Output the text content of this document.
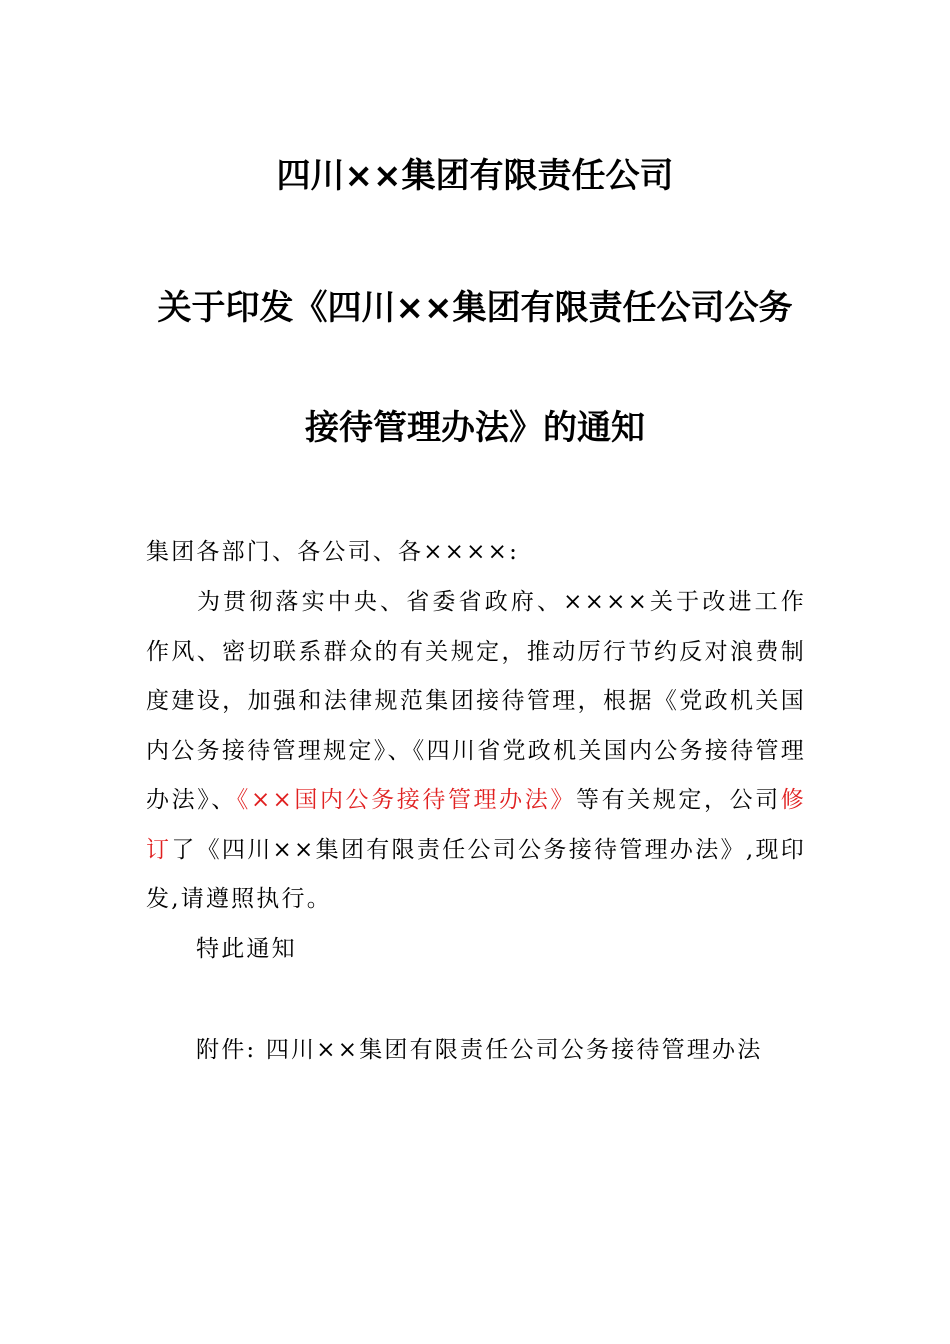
四川××集团有限责任公司
关于印发《四川××集团有限责任公司公务
接待管理办法》的通知
集团各部门、各公司、各××××:
为贯彻落实中央、省委省政府、××××关于改进工作作风、密切联系群众的有关规定，推动厉行节约反对浪费制度建设，加强和法律规范集团接待管理，根据《党政机关国内公务接待管理规定》、《四川省党政机关国内公务接待管理办法》、《××国内公务接待管理办法》等有关规定，公司修订了《四川××集团有限责任公司公务接待管理办法》,现印发,请遵照执行。
特此通知
附件: 四川××集团有限责任公司公务接待管理办法
